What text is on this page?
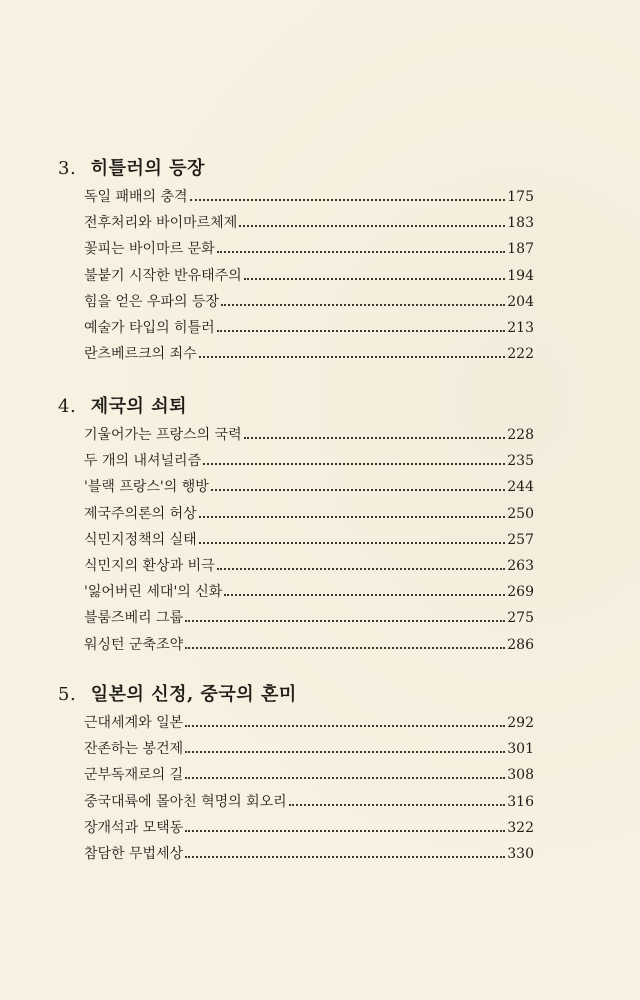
3. 히틀러의 등장
독일 패배의 충격	175
전후처리와 바이마르체제	183
꽃피는 바이마르 문화	187
불붙기 시작한 반유태주의	194
힘을 얻은 우파의 등장	204
예술가 타입의 히틀러	213
란츠베르크의 죄수	222
4. 제국의 쇠퇴
기울어가는 프랑스의 국력	228
두 개의 내셔널리즘	235
'블랙 프랑스'의 행방	244
제국주의론의 허상	250
식민지정책의 실태	257
식민지의 환상과 비극	263
'잃어버린 세대'의 신화	269
블룸즈베리 그룹	275
워싱턴 군축조약	286
5. 일본의 신정, 중국의 혼미
근대세계와 일본	292
잔존하는 봉건제	301
군부독재로의 길	308
중국대륙에 몰아친 혁명의 회오리	316
장개석과 모택동	322
참담한 무법세상	330
